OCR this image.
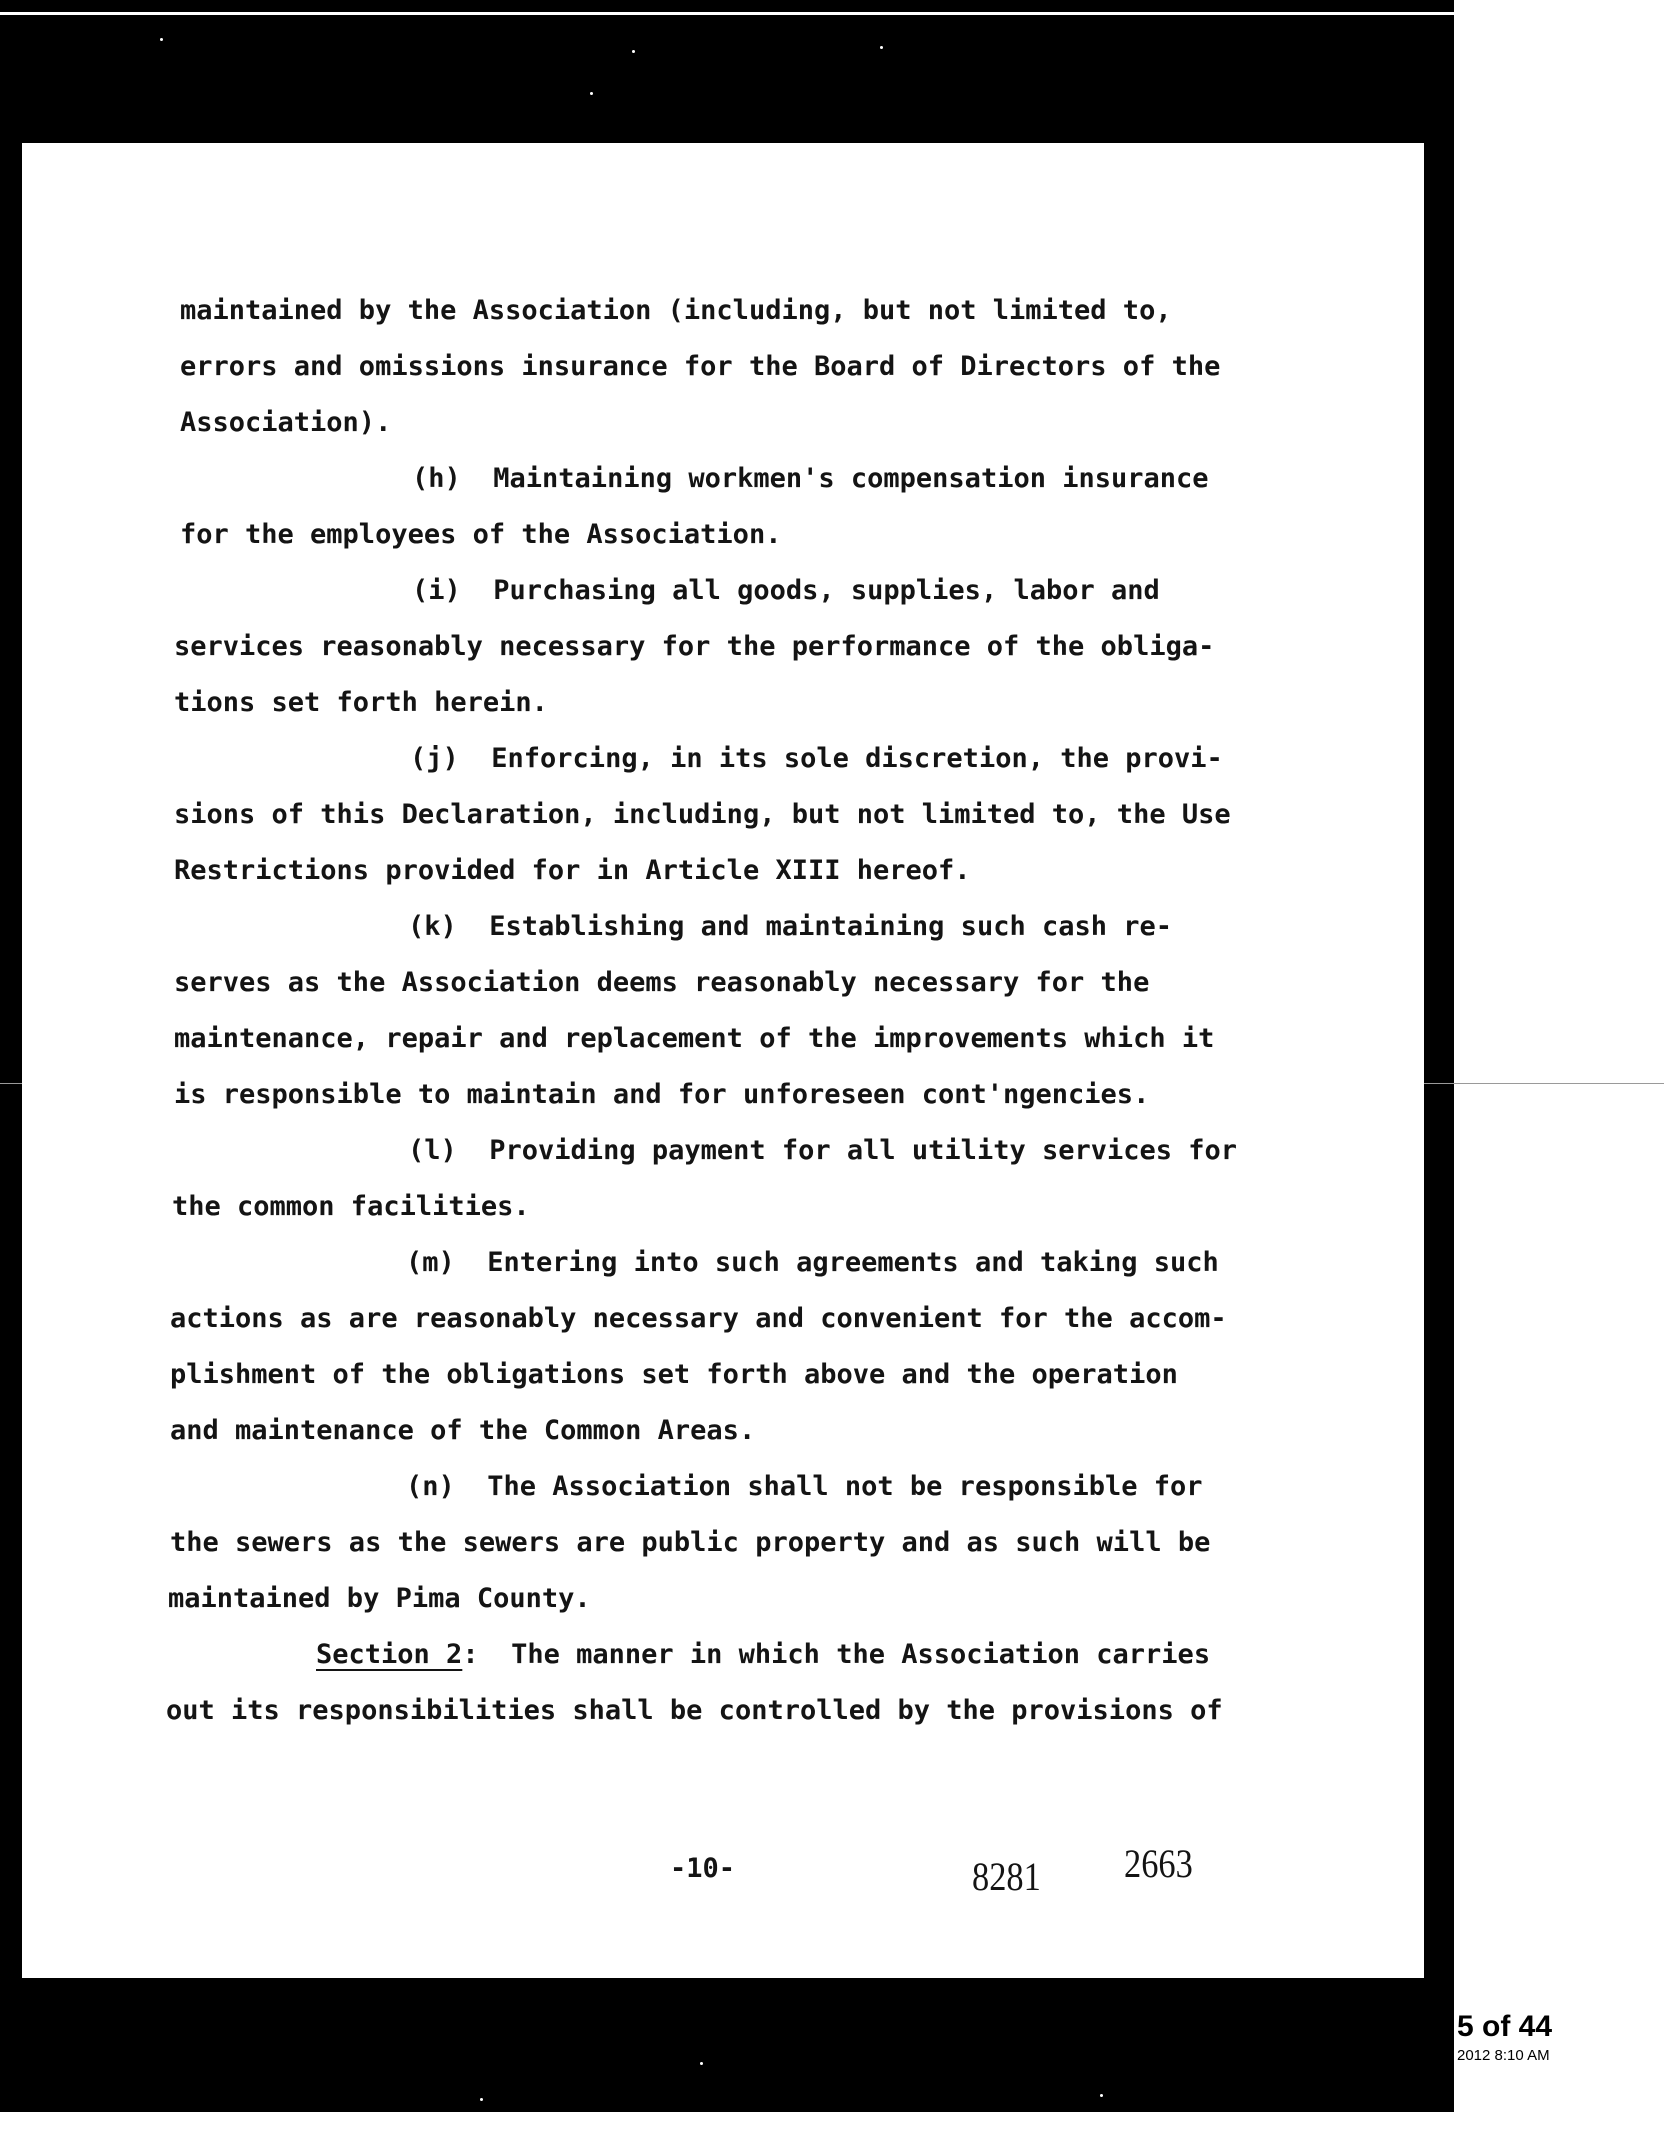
maintained by the Association (including, but not limited to,
errors and omissions insurance for the Board of Directors of the
Association).
(h)  Maintaining workmen's compensation insurance
for the employees of the Association.
(i)  Purchasing all goods, supplies, labor and
services reasonably necessary for the performance of the obliga-
tions set forth herein.
(j)  Enforcing, in its sole discretion, the provi-
sions of this Declaration, including, but not limited to, the Use
Restrictions provided for in Article XIII hereof.
(k)  Establishing and maintaining such cash re-
serves as the Association deems reasonably necessary for the
maintenance, repair and replacement of the improvements which it
is responsible to maintain and for unforeseen cont'ngencies.
(l)  Providing payment for all utility services for
the common facilities.
(m)  Entering into such agreements and taking such
actions as are reasonably necessary and convenient for the accom-
plishment of the obligations set forth above and the operation
and maintenance of the Common Areas.
(n)  The Association shall not be responsible for
the sewers as the sewers are public property and as such will be
maintained by Pima County.
Section 2:  The manner in which the Association carries
out its responsibilities shall be controlled by the provisions of
-10-	8281 2663
5 of 44
2012 8:10 AM
